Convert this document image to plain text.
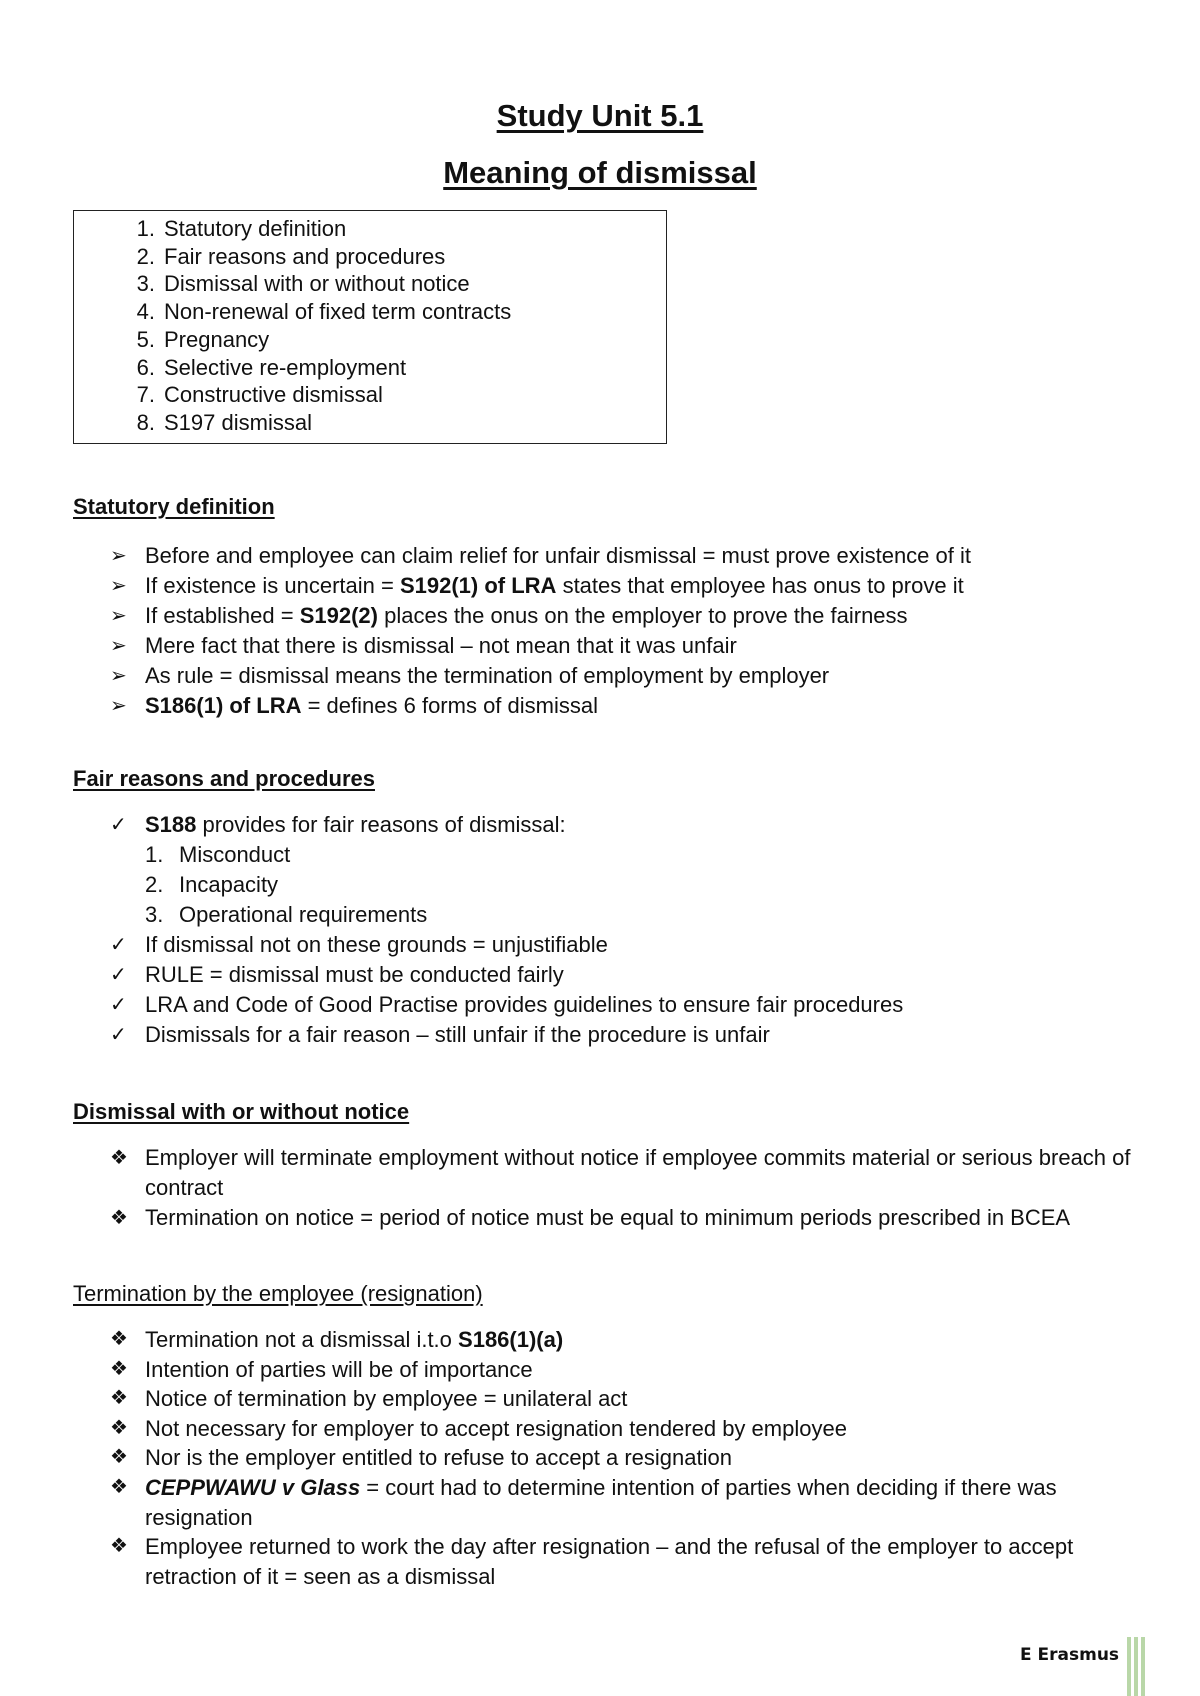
Study Unit 5.1
Meaning of dismissal
1. Statutory definition
2. Fair reasons and procedures
3. Dismissal with or without notice
4. Non-renewal of fixed term contracts
5. Pregnancy
6. Selective re-employment
7. Constructive dismissal
8. S197 dismissal
Statutory definition
➢ Before and employee can claim relief for unfair dismissal = must prove existence of it
➢ If existence is uncertain = S192(1) of LRA states that employee has onus to prove it
➢ If established = S192(2) places the onus on the employer to prove the fairness
➢ Mere fact that there is dismissal – not mean that it was unfair
➢ As rule = dismissal means the termination of employment by employer
➢ S186(1) of LRA = defines 6 forms of dismissal
Fair reasons and procedures
✓ S188 provides for fair reasons of dismissal:
1. Misconduct
2. Incapacity
3. Operational requirements
✓ If dismissal not on these grounds = unjustifiable
✓ RULE = dismissal must be conducted fairly
✓ LRA and Code of Good Practise provides guidelines to ensure fair procedures
✓ Dismissals for a fair reason – still unfair if the procedure is unfair
Dismissal with or without notice
❖ Employer will terminate employment without notice if employee commits material or serious breach of contract
❖ Termination on notice = period of notice must be equal to minimum periods prescribed in BCEA
Termination by the employee (resignation)
❖ Termination not a dismissal i.t.o S186(1)(a)
❖ Intention of parties will be of importance
❖ Notice of termination by employee = unilateral act
❖ Not necessary for employer to accept resignation tendered by employee
❖ Nor is the employer entitled to refuse to accept a resignation
❖ CEPPWAWU v Glass = court had to determine intention of parties when deciding if there was resignation
❖ Employee returned to work the day after resignation – and the refusal of the employer to accept retraction of it = seen as a dismissal
E Erasmus
